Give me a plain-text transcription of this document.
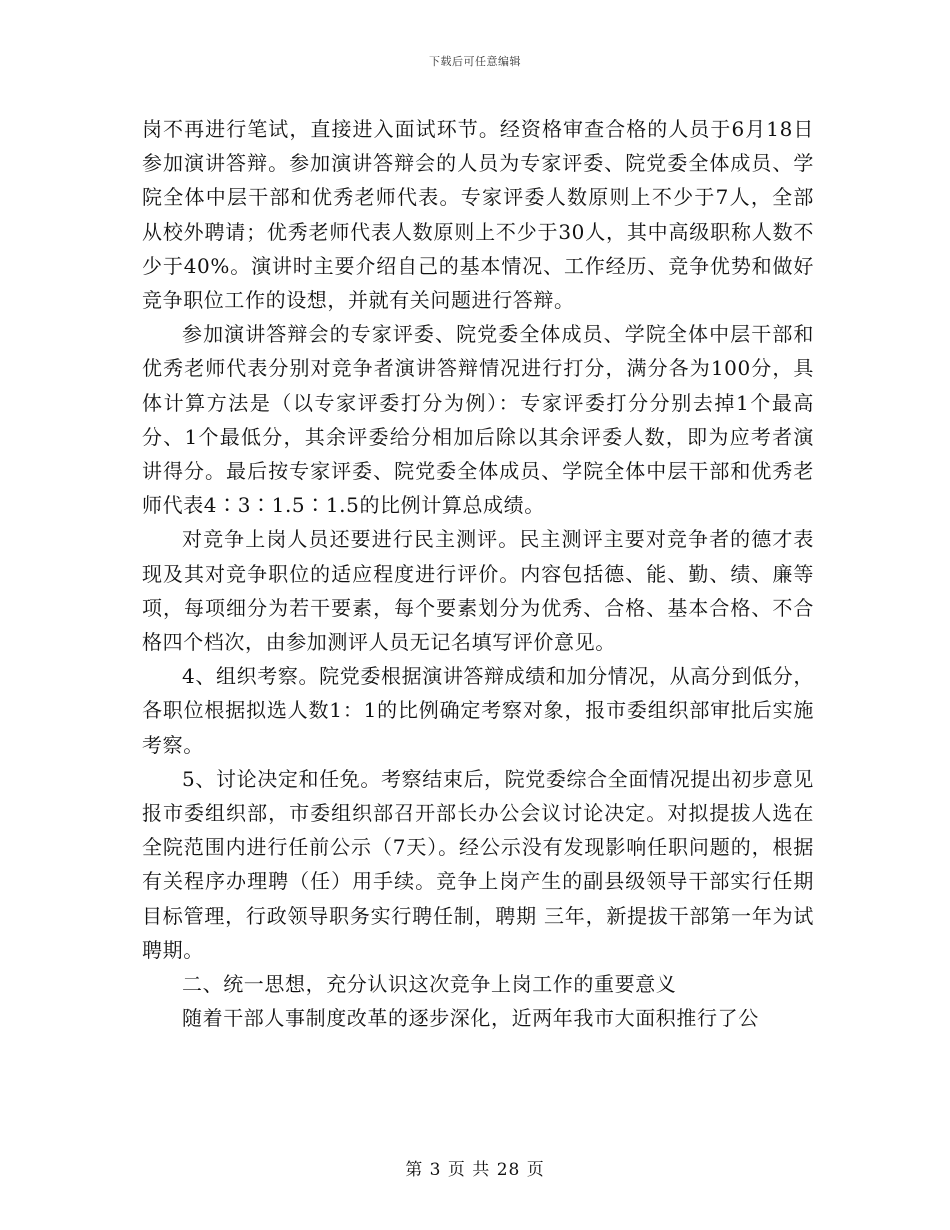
下载后可任意编辑

岗不再进行笔试，直接进入面试环节。经资格审查合格的人员于6月18日参加演讲答辩。参加演讲答辩会的人员为专家评委、院党委全体成员、学院全体中层干部和优秀老师代表。专家评委人数原则上不少于7人，全部从校外聘请；优秀老师代表人数原则上不少于30人，其中高级职称人数不少于40%。演讲时主要介绍自己的基本情况、工作经历、竞争优势和做好竞争职位工作的设想，并就有关问题进行答辩。

参加演讲答辩会的专家评委、院党委全体成员、学院全体中层干部和优秀老师代表分别对竞争者演讲答辩情况进行打分，满分各为100分，具体计算方法是（以专家评委打分为例）：专家评委打分分别去掉1个最高分、1个最低分，其余评委给分相加后除以其余评委人数，即为应考者演讲得分。最后按专家评委、院党委全体成员、学院全体中层干部和优秀老师代表4∶3∶1.5∶1.5的比例计算总成绩。

对竞争上岗人员还要进行民主测评。民主测评主要对竞争者的德才表现及其对竞争职位的适应程度进行评价。内容包括德、能、勤、绩、廉等项，每项细分为若干要素，每个要素划分为优秀、合格、基本合格、不合格四个档次，由参加测评人员无记名填写评价意见。

4、组织考察。院党委根据演讲答辩成绩和加分情况，从高分到低分，各职位根据拟选人数1：1的比例确定考察对象，报市委组织部审批后实施考察。

5、讨论决定和任免。考察结束后，院党委综合全面情况提出初步意见报市委组织部，市委组织部召开部长办公会议讨论决定。对拟提拔人选在全院范围内进行任前公示（7天）。经公示没有发现影响任职问题的，根据有关程序办理聘（任）用手续。竞争上岗产生的副县级领导干部实行任期目标管理，行政领导职务实行聘任制，聘期 三年，新提拔干部第一年为试聘期。

二、统一思想，充分认识这次竞争上岗工作的重要意义

随着干部人事制度改革的逐步深化，近两年我市大面积推行了公

第 3 页 共 28 页
